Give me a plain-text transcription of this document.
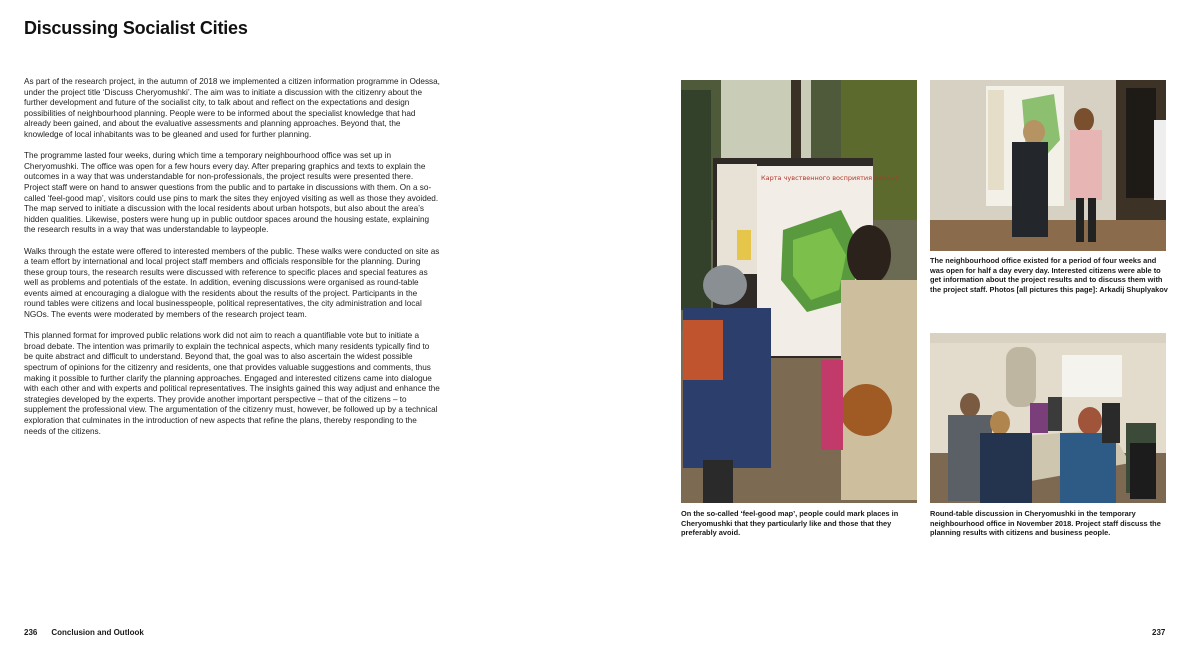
Discussing Socialist Cities

As part of the research project, in the autumn of 2018 we implemented a citizen information programme in Odessa, under the project title ‘Discuss Cheryomushki’. The aim was to initiate a discussion with the citizenry about the further development and future of the socialist city, to talk about and reflect on the expectations and design possibilities of neighbourhood planning. People were to be informed about the specialist knowledge that had already been gained, and about the evaluative assessments and planning approaches. Beyond that, the knowledge of local inhabitants was to be gleaned and used for further planning.

The programme lasted four weeks, during which time a temporary neighbourhood office was set up in Cheryomushki. The office was open for a few hours every day. After preparing graphics and texts to explain the outcomes in a way that was understandable for non-professionals, the project results were presented there. Project staff were on hand to answer questions from the public and to partake in discussions with them. On a so-called ‘feel-good map’, visitors could use pins to mark the sites they enjoyed visiting as well as those they avoided. The map served to initiate a discussion with the local residents about urban hotspots, but also about the area’s hidden qualities. Likewise, posters were hung up in public outdoor spaces around the housing estate, explaining the research results in a way that was understandable to laypeople.

Walks through the estate were offered to interested members of the public. These walks were conducted on site as a team effort by international and local project staff members and officials responsible for the planning. During these group tours, the research results were discussed with reference to specific places and special features as well as problems and potentials of the estate. In addition, evening discussions were organised as round-table events aimed at encouraging a dialogue with the residents about the results of the project. Participants in the round tables were citizens and local businesspeople, political representatives, the city administration and local NGOs. The events were moderated by members of the research project team.

This planned format for improved public relations work did not aim to reach a quantifiable vote but to initiate a broad debate. The intention was primarily to explain the technical aspects, which many residents typically find to be quite abstract and difficult to understand. Beyond that, the goal was to also ascertain the widest possible spectrum of opinions for the citizenry and residents, one that provides valuable suggestions and comments, thus making it possible to further clarify the planning approaches. Engaged and interested citizens came into dialogue with each other and with experts and political representatives. The insights gained this way adjust and enhance the strategies developed by the experts. They provide another important perspective – that of the citizens – to supplement the professional view. The argumentation of the citizenry must, however, be followed up by a technical exploration that culminates in the introduction of new aspects that refine the plans, thereby responding to the needs of the citizens.

236 Conclusion and Outlook
Карта чувственного восприятия района

On the so-called ‘feel-good map’, people could mark places in Cheryomushki that they particularly like and those that they preferably avoid.

The neighbourhood office existed for a period of four weeks and was open for half a day every day. Interested citizens were able to get information about the project results and to discuss them with the project staff. Photos [all pictures this page]: Arkadij Shuplyakov

Round-table discussion in Cheryomushki in the temporary neighbourhood office in November 2018. Project staff discuss the planning results with citizens and business people.

237
